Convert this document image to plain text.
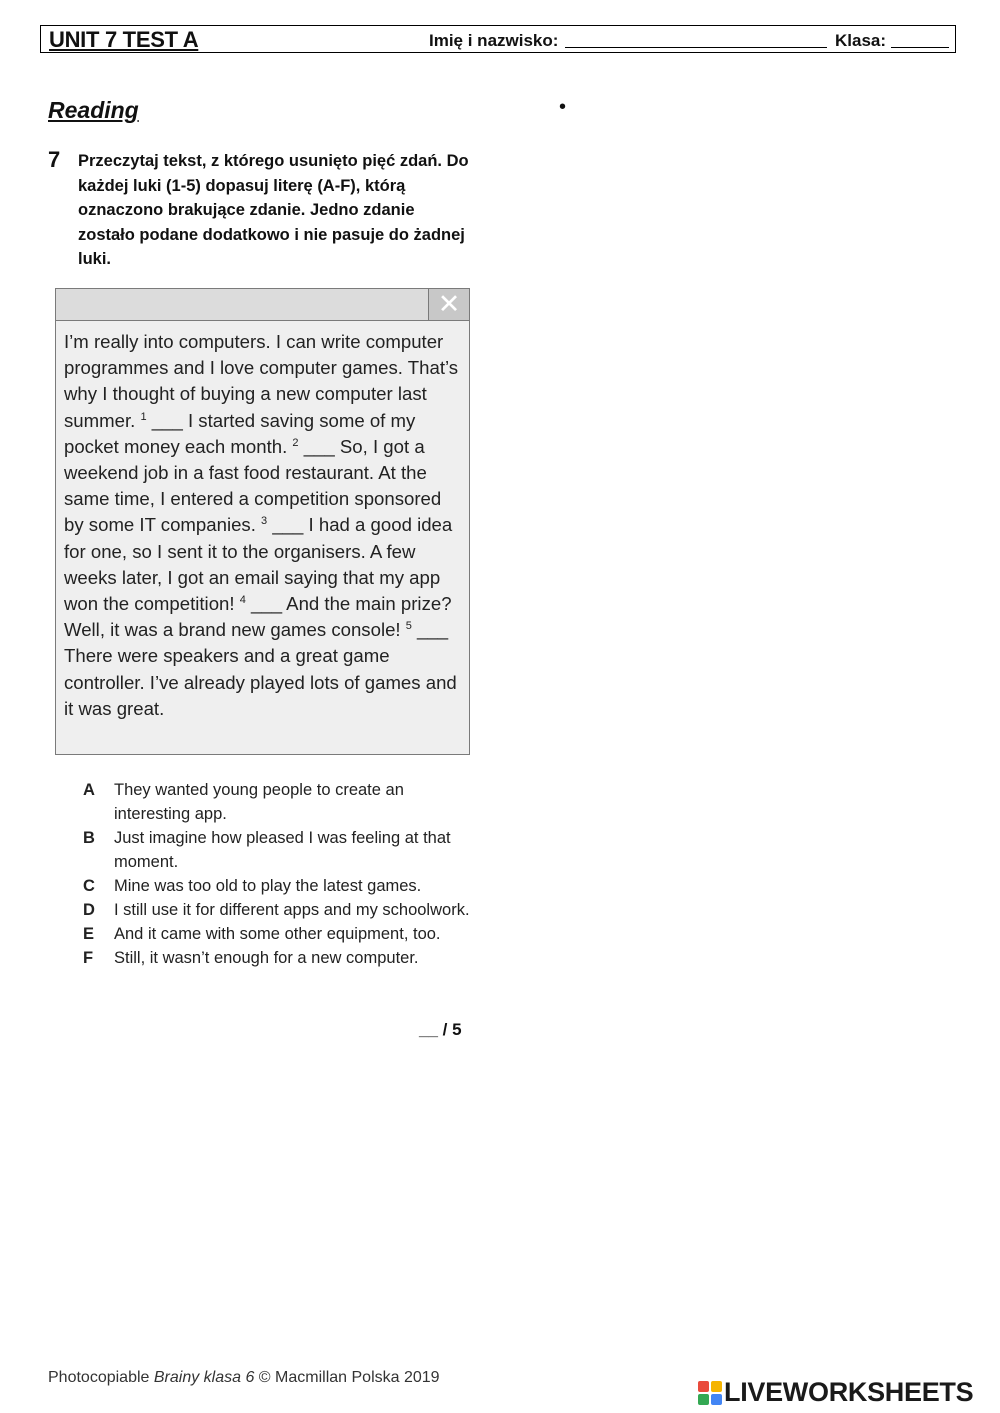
UNIT 7 TEST A	Imię i nazwisko:	Klasa:
Reading	•
7 Przeczytaj tekst, z którego usunięto pięć zdań. Do każdej luki (1-5) dopasuj literę (A-F), którą oznaczono brakujące zdanie. Jedno zdanie zostało podane dodatkowo i nie pasuje do żadnej luki.
✕
I’m really into computers. I can write computer programmes and I love computer games. That’s why I thought of buying a new computer last summer. $^1$ ___ I started saving some of my pocket money each month. $^2$ ___ So, I got a weekend job in a fast food restaurant. At the same time, I entered a competition sponsored by some IT companies. $^3$ ___ I had a good idea for one, so I sent it to the organisers. A few weeks later, I got an email saying that my app won the competition! $^4$ ___ And the main prize? Well, it was a brand new games console! $^5$ ___ There were speakers and a great game controller. I’ve already played lots of games and it was great.
A They wanted young people to create an interesting app.
B Just imagine how pleased I was feeling at that moment.
C Mine was too old to play the latest games.
D I still use it for different apps and my schoolwork.
E And it came with some other equipment, too.
F Still, it wasn’t enough for a new computer.
__ / 5
Photocopiable Brainy klasa 6 © Macmillan Polska 2019	LIVEWORKSHEETS
